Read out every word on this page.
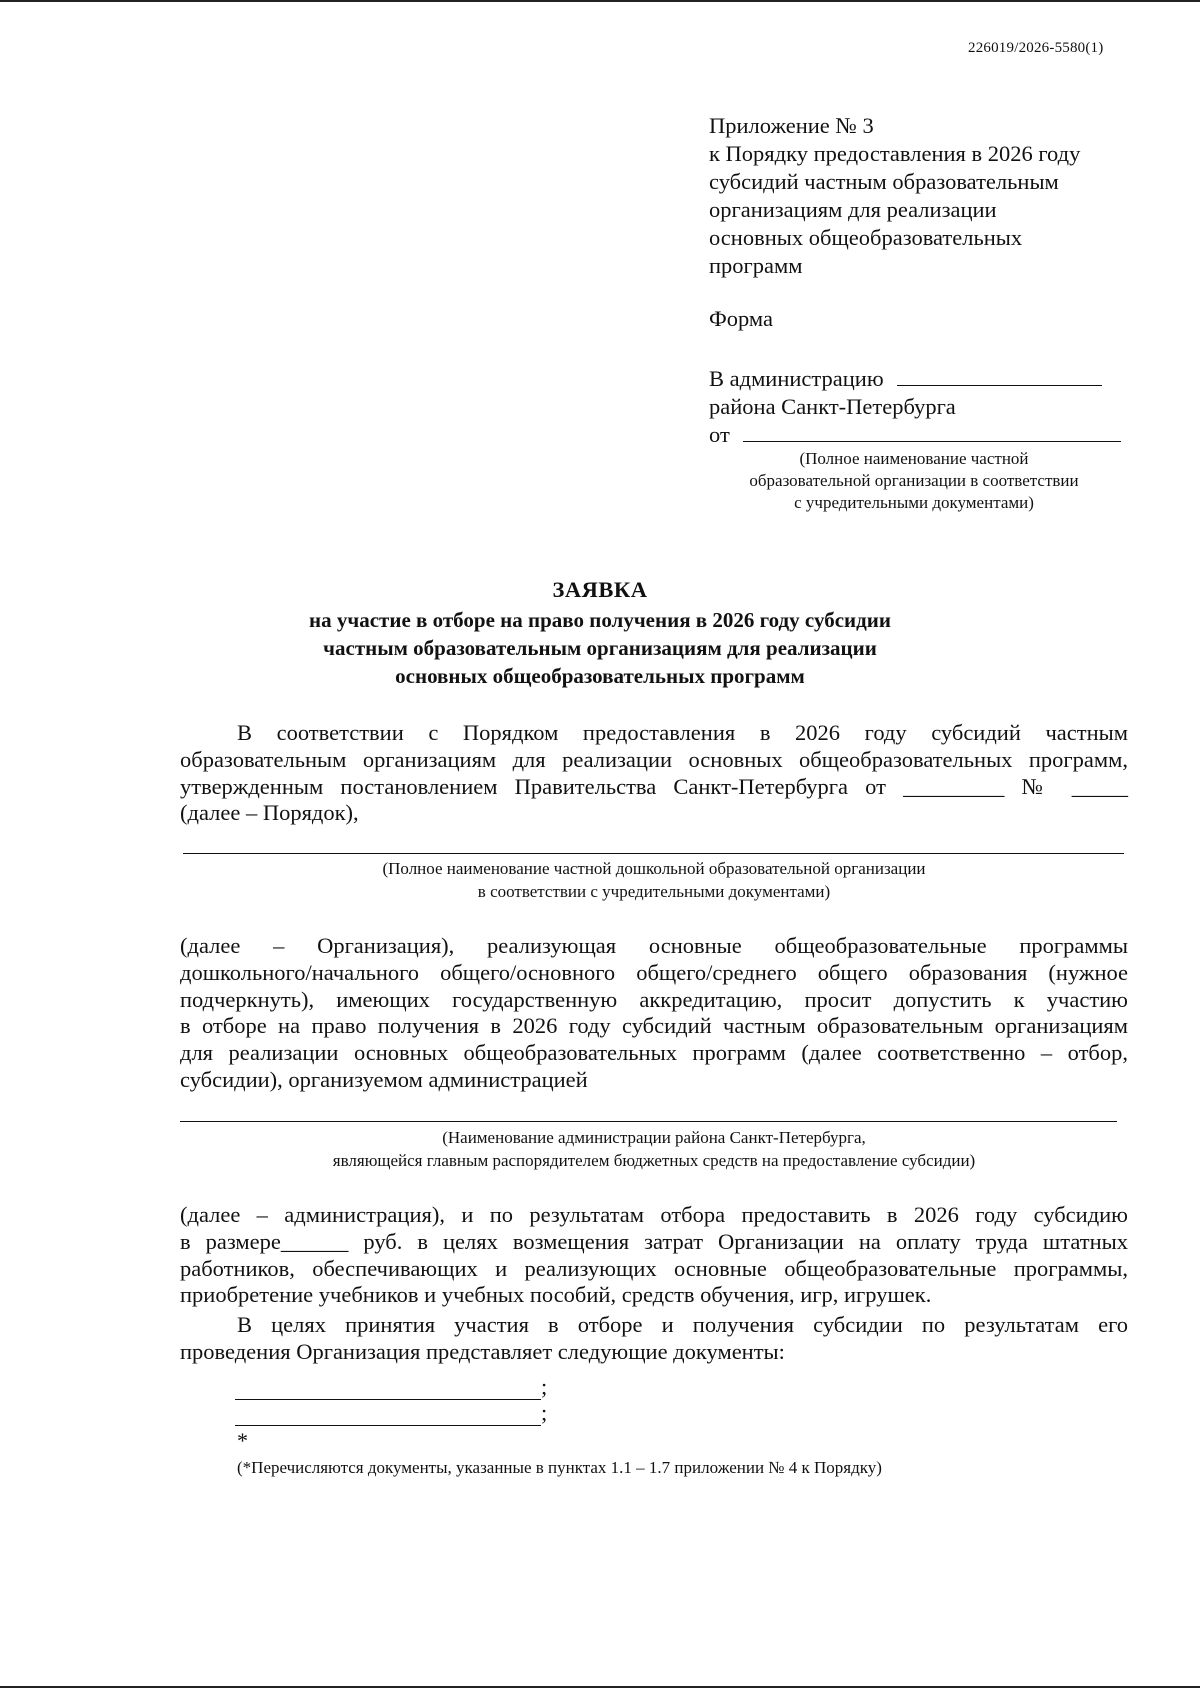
226019/2026-5580(1)
Приложение № 3
к Порядку предоставления в 2026 году
субсидий частным образовательным
организациям для реализации
основных общеобразовательных
программ
Форма
В администрацию
района Санкт-Петербурга
от
(Полное наименование частной
образовательной организации в соответствии
с учредительными документами)
ЗАЯВКА
на участие в отборе на право получения в 2026 году субсидии
частным образовательным организациям для реализации
основных общеобразовательных программ
В соответствии с Порядком предоставления в 2026 году субсидий частным
образовательным организациям для реализации основных общеобразовательных программ,
утвержденным постановлением Правительства Санкт-Петербурга от _________ № _____
(далее – Порядок),
(Полное наименование частной дошкольной образовательной организации
в соответствии с учредительными документами)
(далее – Организация), реализующая основные общеобразовательные программы
дошкольного/начального общего/основного общего/среднего общего образования (нужное
подчеркнуть), имеющих государственную аккредитацию, просит допустить к участию
в отборе на право получения в 2026 году субсидий частным образовательным организациям
для реализации основных общеобразовательных программ (далее соответственно – отбор,
субсидии), организуемом администрацией
(Наименование администрации района Санкт-Петербурга,
являющейся главным распорядителем бюджетных средств на предоставление субсидии)
(далее – администрация), и по результатам отбора предоставить в 2026 году субсидию
в размере______ руб. в целях возмещения затрат Организации на оплату труда штатных
работников, обеспечивающих и реализующих основные общеобразовательные программы,
приобретение учебников и учебных пособий, средств обучения, игр, игрушек.
В целях принятия участия в отборе и получения субсидии по результатам его
проведения Организация представляет следующие документы:
;
;
*
(*Перечисляются документы, указанные в пунктах 1.1 – 1.7 приложении № 4 к Порядку)
